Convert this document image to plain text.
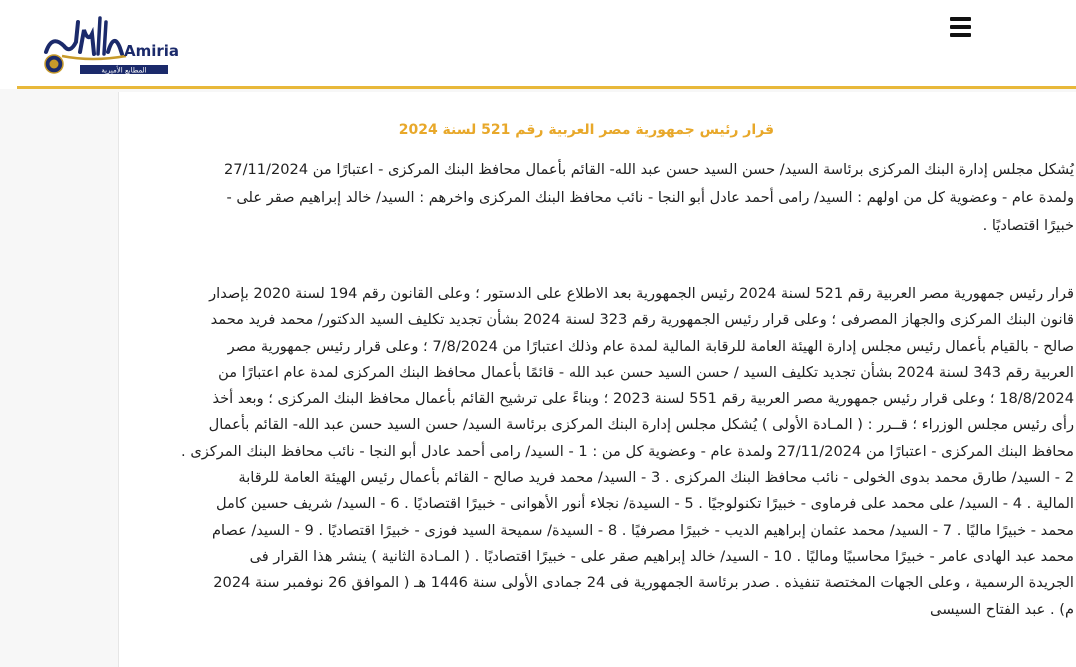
Amiria
المطابع الأميرية
قرار رئيس جمهورية مصر العربية رقم 521 لسنة 2024

يُشكل مجلس إدارة البنك المركزى برئاسة السيد/ حسن السيد حسن عبد الله- القائم بأعمال محافظ البنك المركزى - اعتبارًا من 27/11/2024
ولمدة عام - وعضوية كل من اولهم : السيد/ رامى أحمد عادل أبو النجا - نائب محافظ البنك المركزى واخرهم : السيد/ خالد إبراهيم صقر على -
خبيرًا اقتصاديًا .

قرار رئيس جمهورية مصر العربية رقم 521 لسنة 2024 رئيس الجمهورية بعد الاطلاع على الدستور ؛ وعلى القانون رقم 194 لسنة 2020 بإصدار
قانون البنك المركزى والجهاز المصرفى ؛ وعلى قرار رئيس الجمهورية رقم 323 لسنة 2024 بشأن تجديد تكليف السيد الدكتور/ محمد فريد محمد
صالح - بالقيام بأعمال رئيس مجلس إدارة الهيئة العامة للرقابة المالية لمدة عام وذلك اعتبارًا من 7/8/2024 ؛ وعلى قرار رئيس جمهورية مصر
العربية رقم 343 لسنة 2024 بشأن تجديد تكليف السيد / حسن السيد حسن عبد الله - قائمًا بأعمال محافظ البنك المركزى لمدة عام اعتبارًا من
18/8/2024 ؛ وعلى قرار رئيس جمهورية مصر العربية رقم 551 لسنة 2023 ؛ وبناءً على ترشيح القائم بأعمال محافظ البنك المركزى ؛ وبعد أخذ
رأى رئيس مجلس الوزراء ؛ قــرر : ( المـادة الأولى ) يُشكل مجلس إدارة البنك المركزى برئاسة السيد/ حسن السيد حسن عبد الله- القائم بأعمال
محافظ البنك المركزى - اعتبارًا من 27/11/2024 ولمدة عام - وعضوية كل من : 1 - السيد/ رامى أحمد عادل أبو النجا - نائب محافظ البنك المركزى .
2 - السيد/ طارق محمد بدوى الخولى - نائب محافظ البنك المركزى . 3 - السيد/ محمد فريد صالح - القائم بأعمال رئيس الهيئة العامة للرقابة
المالية . 4 - السيد/ على محمد على فرماوى - خبيرًا تكنولوجيًا . 5 - السيدة/ نجلاء أنور الأهوانى - خبيرًا اقتصاديًا . 6 - السيد/ شريف حسين كامل
محمد - خبيرًا ماليًا . 7 - السيد/ محمد عثمان إبراهيم الديب - خبيرًا مصرفيًا . 8 - السيدة/ سميحة السيد فوزى - خبيرًا اقتصاديًا . 9 - السيد/ عصام
محمد عبد الهادى عامر - خبيرًا محاسبيًا وماليًا . 10 - السيد/ خالد إبراهيم صقر على - خبيرًا اقتصاديًا . ( المـادة الثانية ) ينشر هذا القرار فى
الجريدة الرسمية ، وعلى الجهات المختصة تنفيذه . صدر برئاسة الجمهورية فى 24 جمادى الأولى سنة 1446 هـ ( الموافق 26 نوفمبر سنة 2024
م) . عبد الفتاح السيسى
